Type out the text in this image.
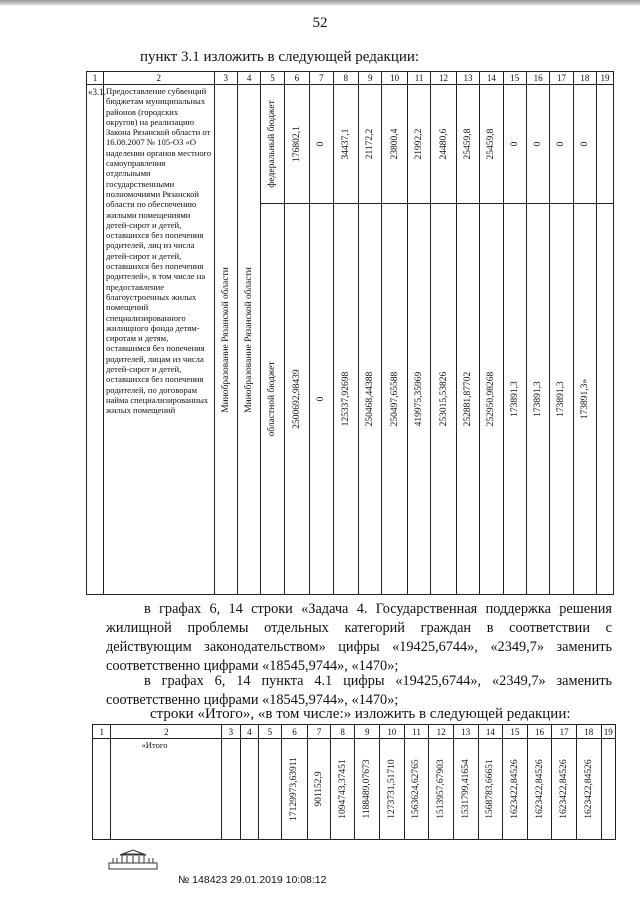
52
пункт 3.1 изложить в следующей редакции:
1	2	3	4	5	6	7	8	9	10	11	12	13	14	15	16	17	18	19
«3.1.	Предоставление субвенций бюджетам муниципальных районов (городских округов) на реализацию Закона Рязанской области от 16.08.2007 № 105-ОЗ «О наделении органов местного самоуправления отдельными государственными полномочиями Рязанской области по обеспечению жилыми помещениями детей-сирот и детей, оставшихся без попечения родителей, лиц из числа детей-сирот и детей, оставшихся без попечения родителей», в том числе на предоставление благоустроенных жилых помещений специализированного жилищного фонда детям-сиротам и детям, оставшимся без попечения родителей, лицам из числа детей-сирот и детей, оставшихся без попечения родителей, по договорам найма специализированных жилых помещений	Минобразование Рязанской области	Минобразование Рязанской области	федеральный бюджет	176802,1	0	34437,1	21172,2	23800,4	21992,2	24480,6	25459,8	25459,8	0	0	0	0	

				областной бюджет	2500692,98439	0	125337,92698	250468,44388	250497,65588	419975,35969	253015,53826	252881,87702	252950,98268	173891,3	173891,3	173891,3	173891,3»	

в графах 6, 14 строки «Задача 4. Государственная поддержка решения жилищной проблемы отдельных категорий граждан в соответствии с действующим законодательством» цифры «19425,6744», «2349,7» заменить соответственно цифрами «18545,9744», «1470»;
в графах 6, 14 пункта 4.1 цифры «19425,6744», «2349,7» заменить соответственно цифрами «18545,9744», «1470»;
строки «Итого», «в том числе:» изложить в следующей редакции:
1	2	3	4	5	6	7	8	9	10	11	12	13	14	15	16	17	18	19
	«Итого				17129973,63911	901152,9	1094743,37451	1188489,07673	1273731,51710	1563624,62765	1513957,67903	1531799,41654	1568783,66651	1623422,84526	1623422,84526	1623422,84526	1623422,84526	

№ 148423 29.01.2019 10:08:12
